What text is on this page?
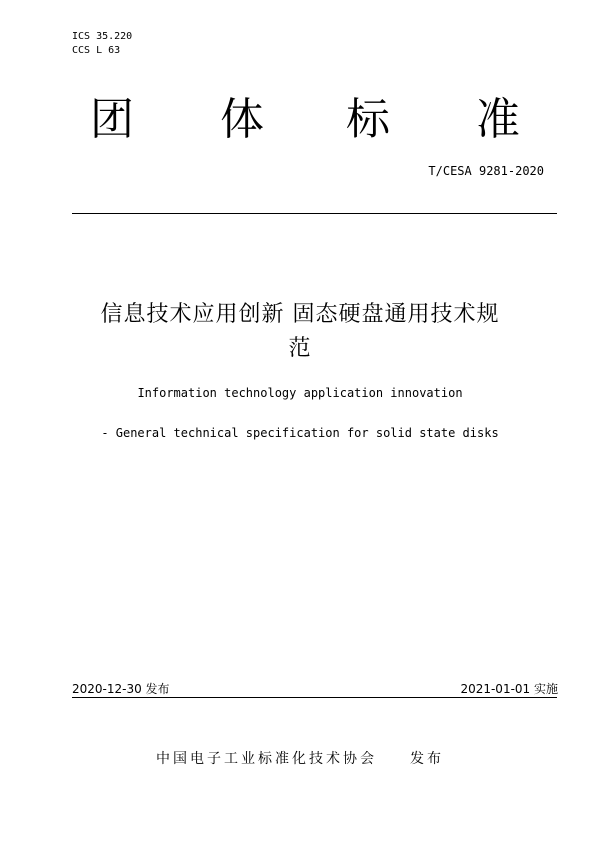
ICS 35.220
CCS L 63
团 体 标 准
T/CESA 9281-2020
信息技术应用创新 固态硬盘通用技术规
范
Information technology application innovation
- General technical specification for solid state disks
2020-12-30 发布	2021-01-01 实施
中国电子工业标准化技术协会 发布
